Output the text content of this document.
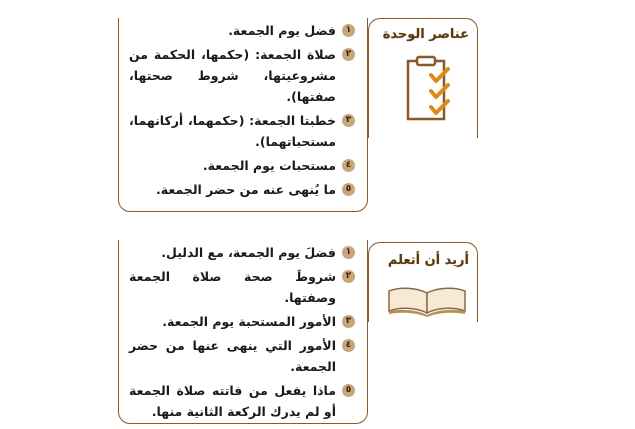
١
فضل يوم الجمعة.
٢
صلاة الجمعة: (حكمها، الحكمة من مشروعيتها، شروط صحتها، صفتها).
٣
خطبتا الجمعة: (حكمهما، أركانهما، مستحباتهما).
٤
مستحبات يوم الجمعة.
٥
ما يُنهى عنه من حضر الجمعة.
عناصر الوحدة
١
فضلَ يوم الجمعة، مع الدليل.
٢
شروطَ صحة صلاة الجمعة وصفتها.
٣
الأمور المستحبة يوم الجمعة.
٤
الأمور التي ينهى عنها من حضر الجمعة.
٥
ماذا يفعل من فاتته صلاة الجمعة أو لم يدرك الركعة الثانية منها.
أريد أن أتعلم
